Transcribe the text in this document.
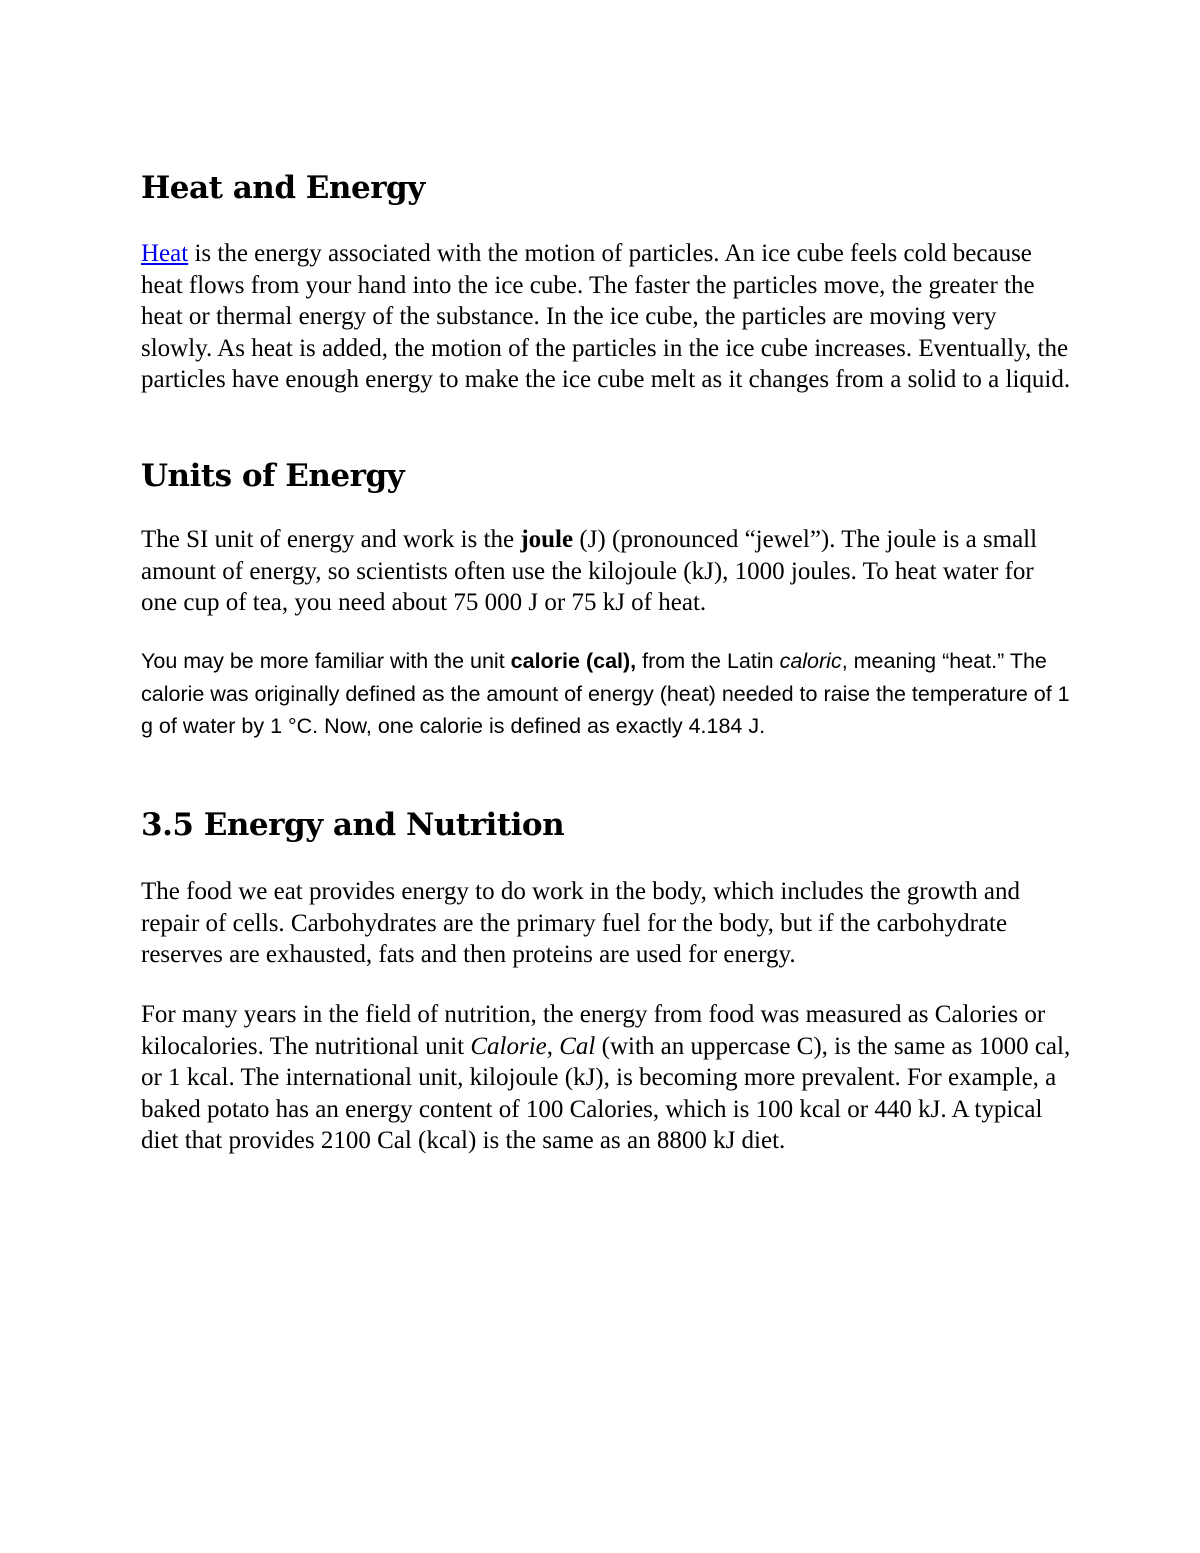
Heat and Energy

Heat is the energy associated with the motion of particles. An ice cube feels cold because heat flows from your hand into the ice cube. The faster the particles move, the greater the heat or thermal energy of the substance. In the ice cube, the particles are moving very slowly. As heat is added, the motion of the particles in the ice cube increases. Eventually, the particles have enough energy to make the ice cube melt as it changes from a solid to a liquid.

Units of Energy

The SI unit of energy and work is the joule (J) (pronounced “jewel”). The joule is a small amount of energy, so scientists often use the kilojoule (kJ), 1000 joules. To heat water for one cup of tea, you need about 75 000 J or 75 kJ of heat.

You may be more familiar with the unit calorie (cal), from the Latin caloric, meaning “heat.” The calorie was originally defined as the amount of energy (heat) needed to raise the temperature of 1 g of water by 1 °C. Now, one calorie is defined as exactly 4.184 J.

3.5 Energy and Nutrition

The food we eat provides energy to do work in the body, which includes the growth and repair of cells. Carbohydrates are the primary fuel for the body, but if the carbohydrate reserves are exhausted, fats and then proteins are used for energy.

For many years in the field of nutrition, the energy from food was measured as Calories or kilocalories. The nutritional unit Calorie, Cal (with an uppercase C), is the same as 1000 cal, or 1 kcal. The international unit, kilojoule (kJ), is becoming more prevalent. For example, a baked potato has an energy content of 100 Calories, which is 100 kcal or 440 kJ. A typical diet that provides 2100 Cal (kcal) is the same as an 8800 kJ diet.
